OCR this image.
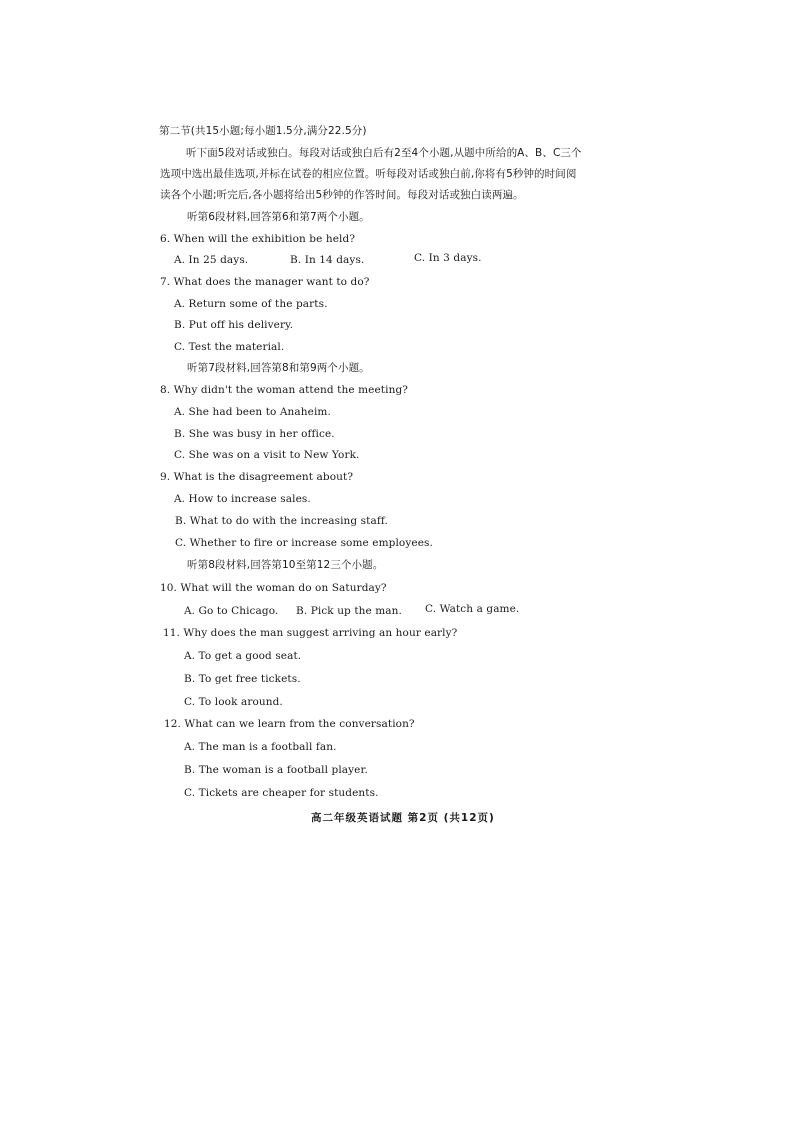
第二节(共15小题;每小题1.5分,满分22.5分)
听下面5段对话或独白。每段对话或独白后有2至4个小题,从题中所给的A、B、C三个
选项中选出最佳选项,并标在试卷的相应位置。听每段对话或独白前,你将有5秒钟的时间阅
读各个小题;听完后,各小题将给出5秒钟的作答时间。每段对话或独白读两遍。
听第6段材料,回答第6和第7两个小题。
6. When will the exhibition be held?
A. In 25 days.	B. In 14 days.	C. In 3 days.
7. What does the manager want to do?
A. Return some of the parts.
B. Put off his delivery.
C. Test the material.
听第7段材料,回答第8和第9两个小题。
8. Why didn't the woman attend the meeting?
A. She had been to Anaheim.
B. She was busy in her office.
C. She was on a visit to New York.
9. What is the disagreement about?
A. How to increase sales.
B. What to do with the increasing staff.
C. Whether to fire or increase some employees.
听第8段材料,回答第10至第12三个小题。
10. What will the woman do on Saturday?
A. Go to Chicago. B. Pick up the man. C. Watch a game.
11. Why does the man suggest arriving an hour early?
A. To get a good seat.
B. To get free tickets.
C. To look around.
12. What can we learn from the conversation?
A. The man is a football fan.
B. The woman is a football player.
C. Tickets are cheaper for students.
高二年级英语试题 第2页 (共12页)
